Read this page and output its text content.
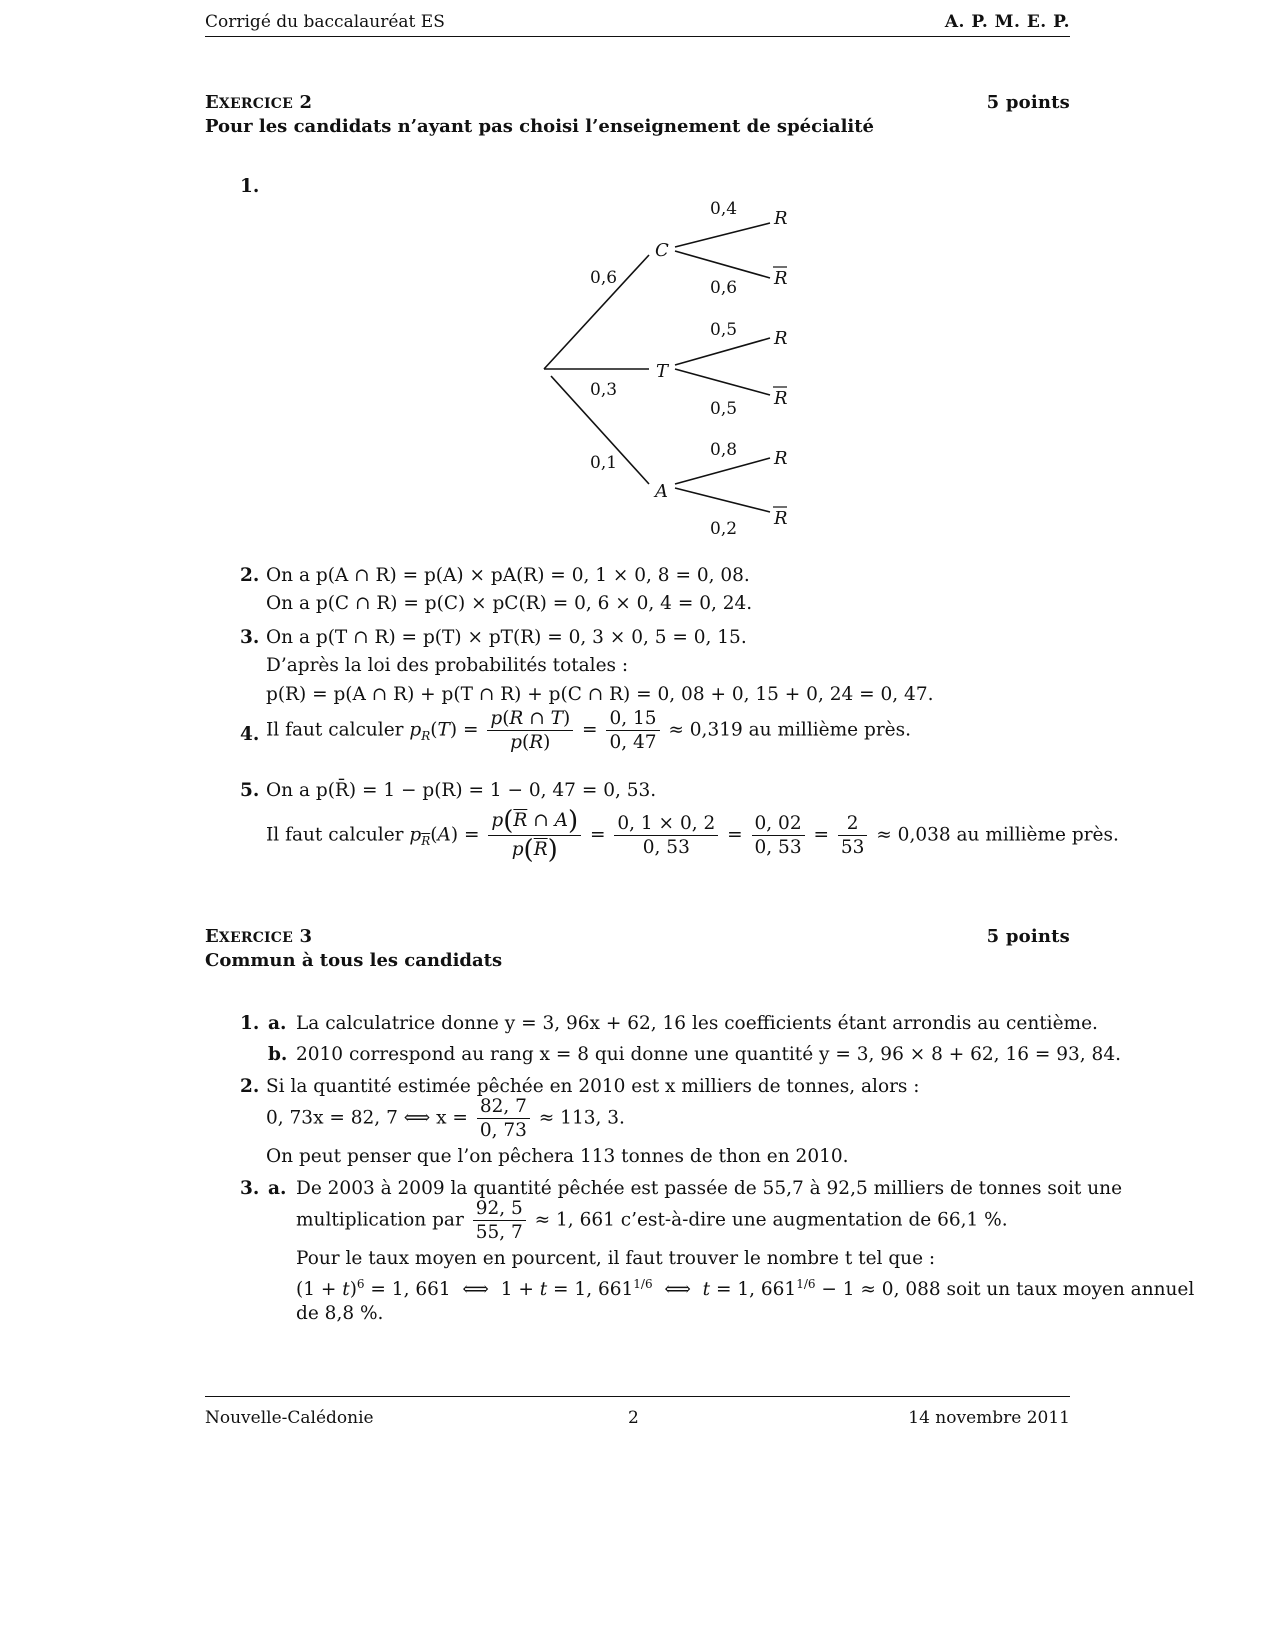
Corrigé du baccalauréat ES	A. P. M. E. P.
EXERCICE 2	5 points
Pour les candidats n’ayant pas choisi l’enseignement de spécialité
1.
0,6
0,3
0,1
0,4
0,6
0,5
0,5
0,8
0,2
C
T
A
R
R
R
R
R
R
2. On a p(A ∩ R) = p(A) × pA(R) = 0, 1 × 0, 8 = 0, 08.
On a p(C ∩ R) = p(C) × pC(R) = 0, 6 × 0, 4 = 0, 24.
3. On a p(T ∩ R) = p(T) × pT(R) = 0, 3 × 0, 5 = 0, 15.
D’après la loi des probabilités totales :
p(R) = p(A ∩ R) + p(T ∩ R) + p(C ∩ R) = 0, 08 + 0, 15 + 0, 24 = 0, 47.
4. Il faut calculer $p_R(T) = \frac{p(R \cap T)}{p(R)} = \frac{0, 15}{0, 47} \approx 0,319$ au millième près.
5. On a p(R̄) = 1 − p(R) = 1 − 0, 47 = 0, 53.
Il faut calculer $p_{\overline{R}}(A) = \frac{p(\overline{R} \cap A)}{p(\overline{R})} = \frac{0, 1 \times 0, 2}{0, 53} = \frac{0, 02}{0, 53} = \frac{2}{53} \approx 0,038$ au millième près.
EXERCICE 3	5 points
Commun à tous les candidats
1. a. La calculatrice donne y = 3, 96x + 62, 16 les coefficients étant arrondis au centième.
b. 2010 correspond au rang x = 8 qui donne une quantité y = 3, 96 × 8 + 62, 16 = 93, 84.
2. Si la quantité estimée pêchée en 2010 est x milliers de tonnes, alors :
0, 73x = 82, 7 ⟺ $x = \frac{82, 7}{0, 73} \approx 113$, 3.
On peut penser que l’on pêchera 113 tonnes de thon en 2010.
3. a. De 2003 à 2009 la quantité pêchée est passée de 55,7 à 92,5 milliers de tonnes soit une
multiplication par $\frac{92, 5}{55, 7} \approx 1$, 661 c’est-à-dire une augmentation de 66,1 %.
Pour le taux moyen en pourcent, il faut trouver le nombre t tel que :
$(1 + t)^6 = 1$, 661  ⟺  1 + t = 1, $661^{1/6}$  ⟺  t = 1, $661^{1/6} - 1 \approx 0$, 088 soit un taux moyen annuel
de 8,8 %.
Nouvelle-Calédonie	2	14 novembre 2011
